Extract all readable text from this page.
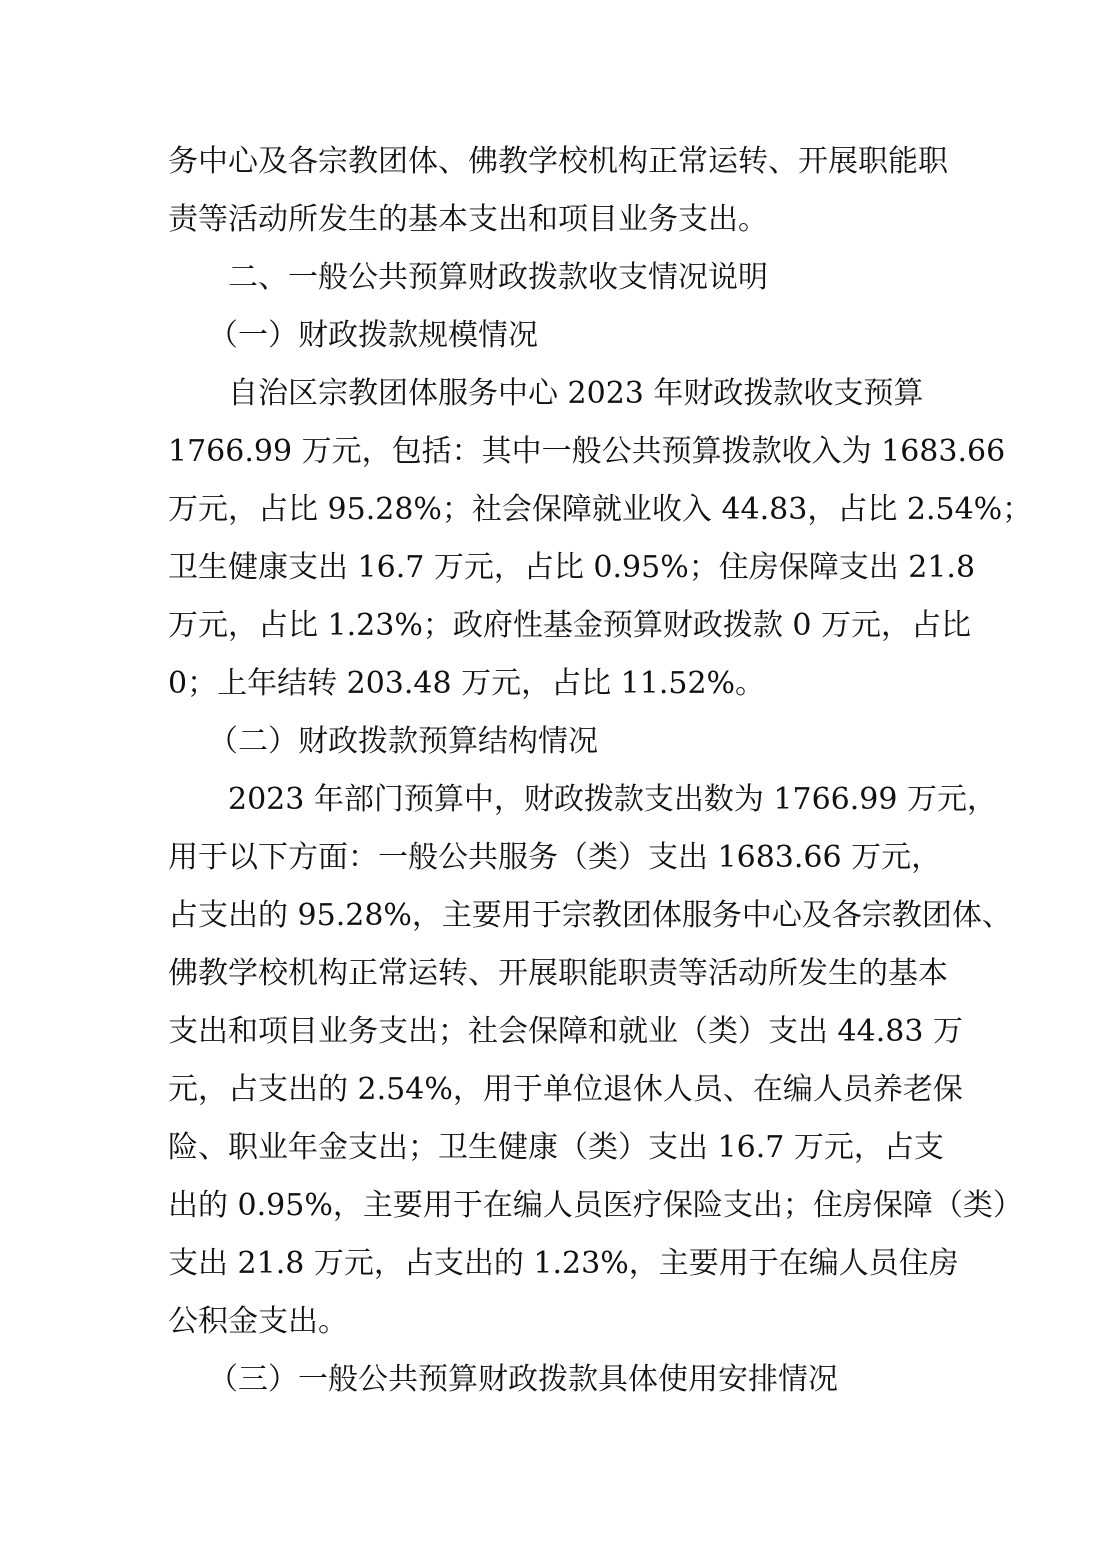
务中心及各宗教团体、佛教学校机构正常运转、开展职能职
责等活动所发生的基本支出和项目业务支出。
二、一般公共预算财政拨款收支情况说明
（一）财政拨款规模情况
自治区宗教团体服务中心 2023 年财政拨款收支预算
1766.99 万元，包括：其中一般公共预算拨款收入为 1683.66
万元，占比 95.28%；社会保障就业收入 44.83，占比 2.54%；
卫生健康支出 16.7 万元，占比 0.95%；住房保障支出 21.8
万元，占比 1.23%；政府性基金预算财政拨款 0 万元，占比
0；上年结转 203.48 万元，占比 11.52%。
（二）财政拨款预算结构情况
2023 年部门预算中，财政拨款支出数为 1766.99 万元，
用于以下方面：一般公共服务（类）支出 1683.66 万元，
占支出的 95.28%，主要用于宗教团体服务中心及各宗教团体、
佛教学校机构正常运转、开展职能职责等活动所发生的基本
支出和项目业务支出；社会保障和就业（类）支出 44.83 万
元，占支出的 2.54%，用于单位退休人员、在编人员养老保
险、职业年金支出；卫生健康（类）支出 16.7 万元，占支
出的 0.95%，主要用于在编人员医疗保险支出；住房保障（类）
支出 21.8 万元，占支出的 1.23%，主要用于在编人员住房
公积金支出。
（三）一般公共预算财政拨款具体使用安排情况
